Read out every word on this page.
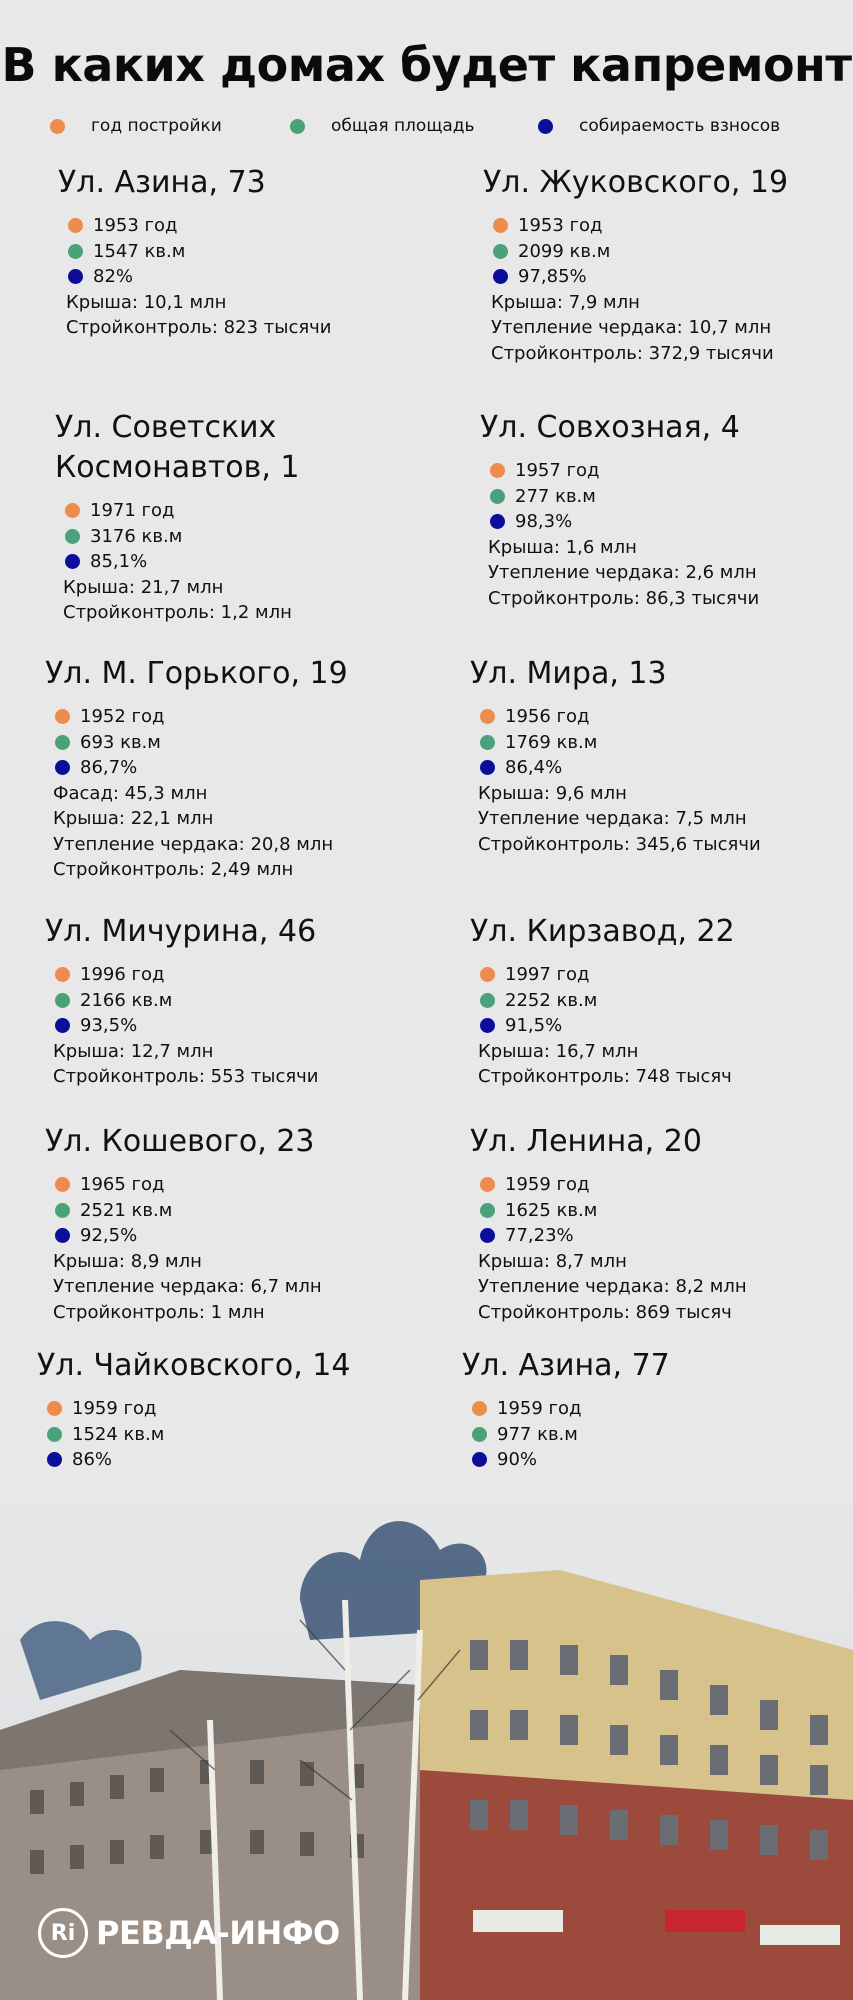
В каких домах будет капремонт
год постройки	общая площадь	собираемость взносов
Ул. Азина, 73
1953 год
1547 кв.м
82%
Крыша: 10,1 млн
Стройконтроль: 823 тысячи
Ул. Жуковского, 19
1953 год
2099 кв.м
97,85%
Крыша: 7,9 млн
Утепление чердака: 10,7 млн
Стройконтроль: 372,9 тысячи
Ул. Советских Космонавтов, 1
1971 год
3176 кв.м
85,1%
Крыша: 21,7 млн
Стройконтроль: 1,2 млн
Ул. Совхозная, 4
1957 год
277 кв.м
98,3%
Крыша: 1,6 млн
Утепление чердака: 2,6 млн
Стройконтроль: 86,3 тысячи
Ул. М. Горького, 19
1952 год
693 кв.м
86,7%
Фасад: 45,3 млн
Крыша: 22,1 млн
Утепление чердака: 20,8 млн
Стройконтроль: 2,49 млн
Ул. Мира, 13
1956 год
1769 кв.м
86,4%
Крыша: 9,6 млн
Утепление чердака: 7,5 млн
Стройконтроль: 345,6 тысячи
Ул. Мичурина, 46
1996 год
2166 кв.м
93,5%
Крыша: 12,7 млн
Стройконтроль: 553 тысячи
Ул. Кирзавод, 22
1997 год
2252 кв.м
91,5%
Крыша: 16,7 млн
Стройконтроль: 748 тысяч
Ул. Кошевого, 23
1965 год
2521 кв.м
92,5%
Крыша: 8,9 млн
Утепление чердака: 6,7 млн
Стройконтроль: 1 млн
Ул. Ленина, 20
1959 год
1625 кв.м
77,23%
Крыша: 8,7 млн
Утепление чердака: 8,2 млн
Стройконтроль: 869 тысяч
Ул. Чайковского, 14
1959 год
1524 кв.м
86%
Ул. Азина, 77
1959 год
977 кв.м
90%
Ri РЕВДА-ИНФО
